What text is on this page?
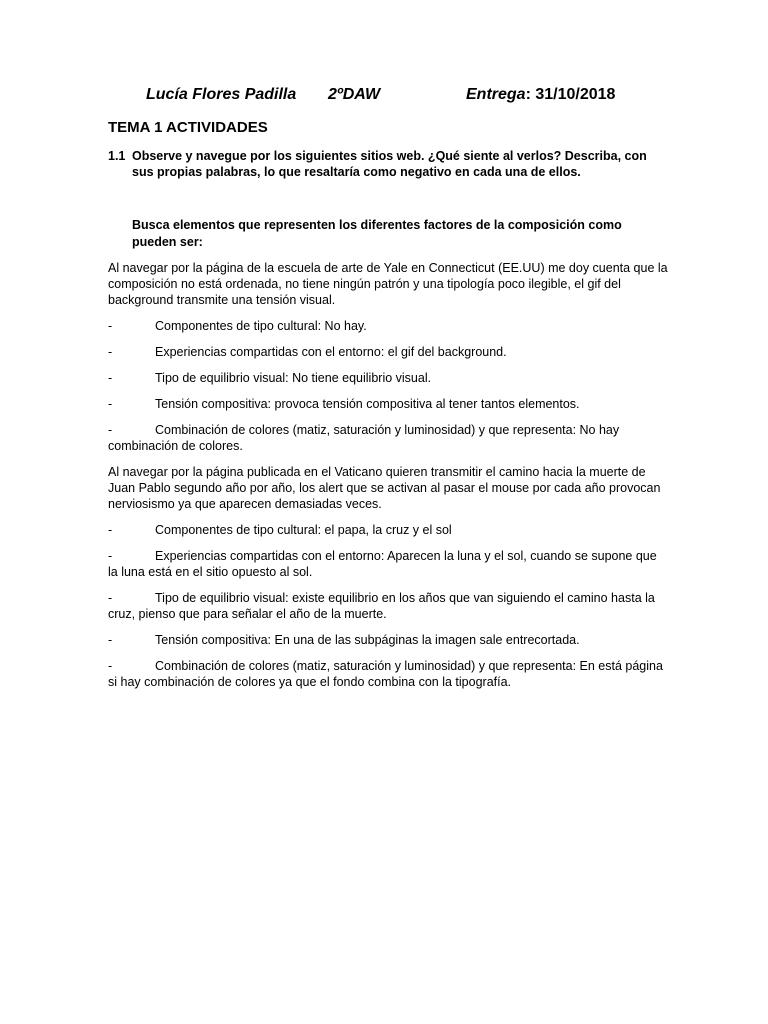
Lucía Flores Padilla 2ºDAW	Entrega: 31/10/2018
TEMA 1 ACTIVIDADES
1.1 Observe y navegue por los siguientes sitios web. ¿Qué siente al verlos? Describa, con sus propias palabras, lo que resaltaría como negativo en cada una de ellos.
Busca elementos que representen los diferentes factores de la composición como pueden ser:
Al navegar por la página de la escuela de arte de Yale en Connecticut (EE.UU) me doy cuenta que la composición no está ordenada, no tiene ningún patrón y una tipología poco ilegible, el gif del background transmite una tensión visual.
-	Componentes de tipo cultural: No hay.
-	Experiencias compartidas con el entorno: el gif del background.
-	Tipo de equilibrio visual: No tiene equilibrio visual.
-	Tensión compositiva: provoca tensión compositiva al tener tantos elementos.
-	Combinación de colores (matiz, saturación y luminosidad) y que representa: No hay combinación de colores.
Al navegar por la página publicada en el Vaticano quieren transmitir el camino hacia la muerte de Juan Pablo segundo año por año, los alert que se activan al pasar el mouse por cada año provocan nerviosismo ya que aparecen demasiadas veces.
-	Componentes de tipo cultural: el papa, la cruz y el sol
-	Experiencias compartidas con el entorno: Aparecen la luna y el sol, cuando se supone que la luna está en el sitio opuesto al sol.
-	Tipo de equilibrio visual: existe equilibrio en los años que van siguiendo el camino hasta la cruz, pienso que para señalar el año de la muerte.
-	Tensión compositiva: En una de las subpáginas la imagen sale entrecortada.
-	Combinación de colores (matiz, saturación y luminosidad) y que representa: En está página si hay combinación de colores ya que el fondo combina con la tipografía.
